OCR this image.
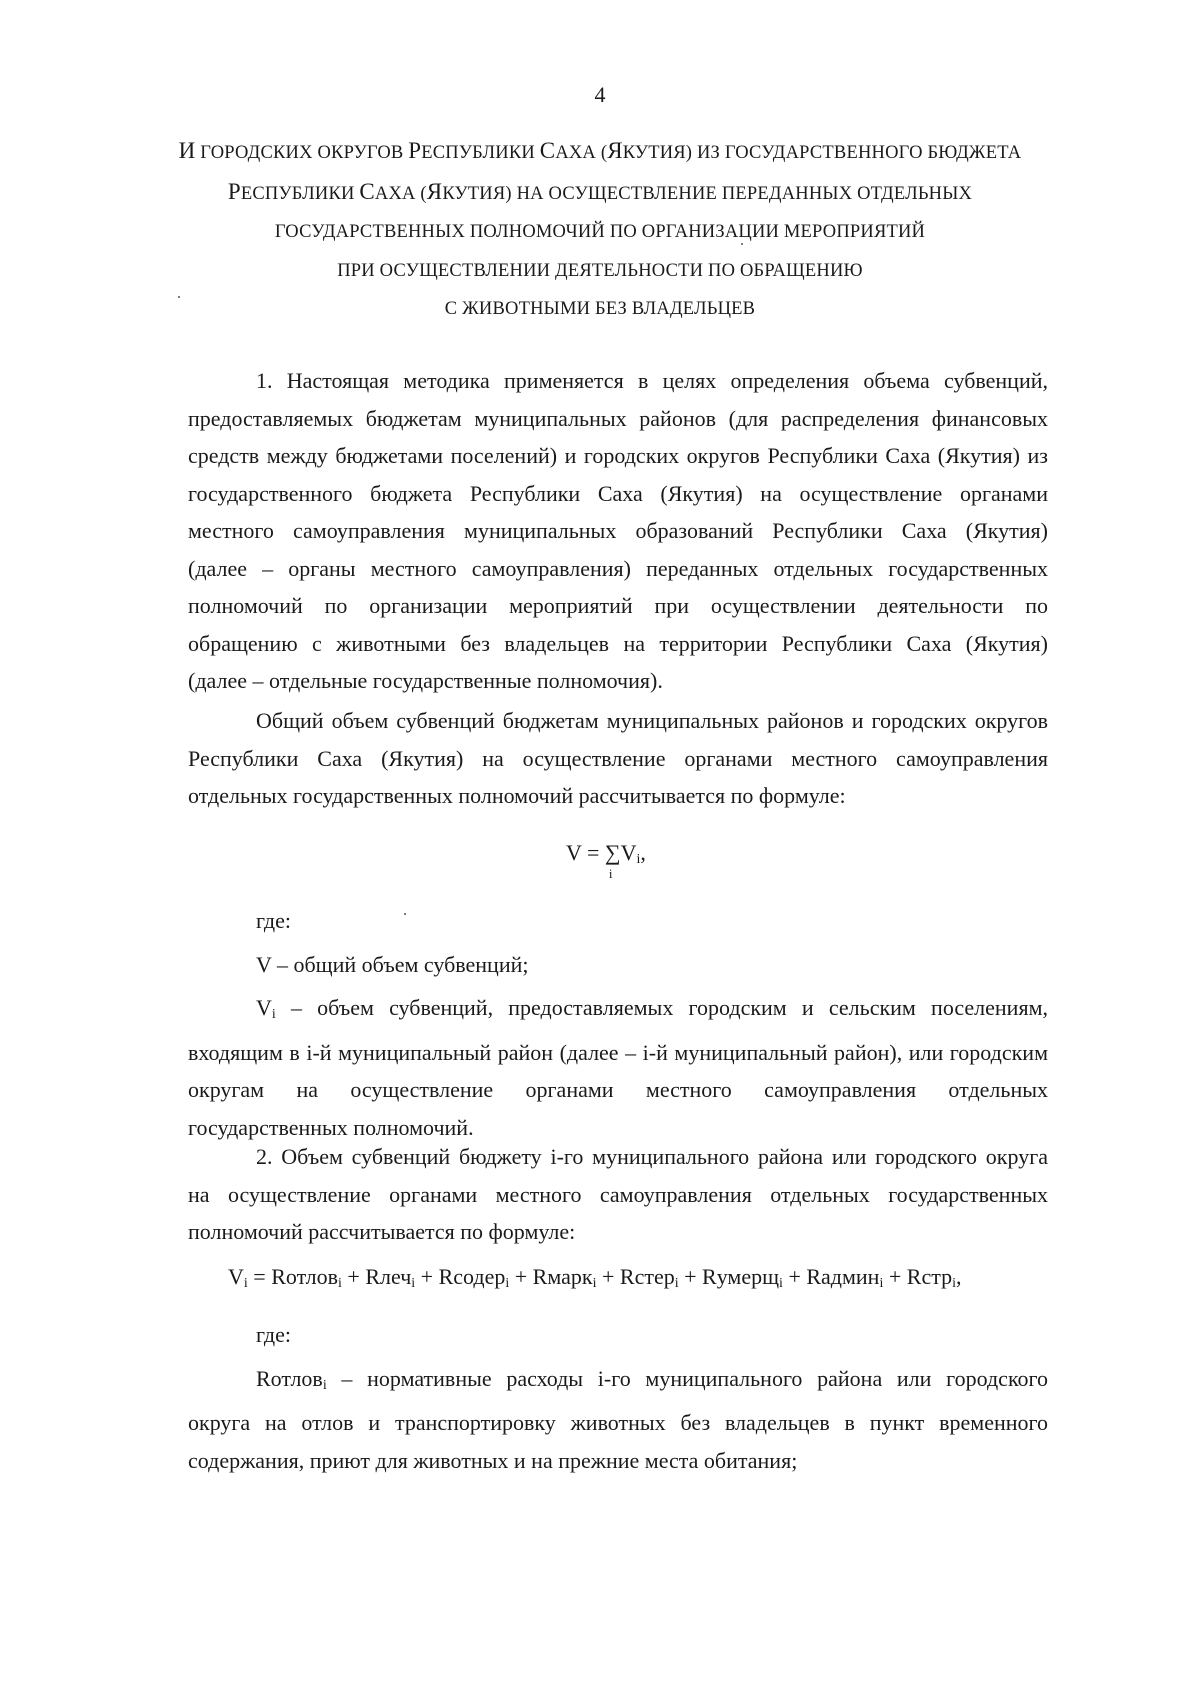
4
И ГОРОДСКИХ ОКРУГОВ РЕСПУБЛИКИ САХА (ЯКУТИЯ) ИЗ ГОСУДАРСТВЕННОГО БЮДЖЕТА
РЕСПУБЛИКИ САХА (ЯКУТИЯ) НА ОСУЩЕСТВЛЕНИЕ ПЕРЕДАННЫХ ОТДЕЛЬНЫХ
ГОСУДАРСТВЕННЫХ ПОЛНОМОЧИЙ ПО ОРГАНИЗАЦИИ МЕРОПРИЯТИЙ
ПРИ ОСУЩЕСТВЛЕНИИ ДЕЯТЕЛЬНОСТИ ПО ОБРАЩЕНИЮ
С ЖИВОТНЫМИ БЕЗ ВЛАДЕЛЬЦЕВ
1. Настоящая методика применяется в целях определения объема субвенций,
предоставляемых бюджетам муниципальных районов (для распределения финансовых
средств между бюджетами поселений) и городских округов Республики Саха (Якутия) из
государственного бюджета Республики Саха (Якутия) на осуществление органами
местного самоуправления муниципальных образований Республики Саха (Якутия)
(далее – органы местного самоуправления) переданных отдельных государственных
полномочий по организации мероприятий при осуществлении деятельности по
обращению с животными без владельцев на территории Республики Саха (Якутия)
(далее – отдельные государственные полномочия).
Общий объем субвенций бюджетам муниципальных районов и городских округов
Республики Саха (Якутия) на осуществление органами местного самоуправления
отдельных государственных полномочий рассчитывается по формуле:
V = ∑
i
$V_i$,
где:
V – общий объем субвенций;
$V_i$ – объем субвенций, предоставляемых городским и сельским поселениям,
входящим в i-й муниципальный район (далее – i-й муниципальный район), или городским
округам на осуществление органами местного самоуправления отдельных
государственных полномочий.
2. Объем субвенций бюджету i-го муниципального района или городского округа
на осуществление органами местного самоуправления отдельных государственных
полномочий рассчитывается по формуле:
$V_i$ = Rотлов$_i$ + Rлеч$_i$ + Rсодер$_i$ + Rмарк$_i$ + Rстер$_i$ + Rумерщ$_i$ + Rадмин$_i$ + Rстр$_i$,
где:
Rотлов$_i$ – нормативные расходы i-го муниципального района или городского
округа на отлов и транспортировку животных без владельцев в пункт временного
содержания, приют для животных и на прежние места обитания;
